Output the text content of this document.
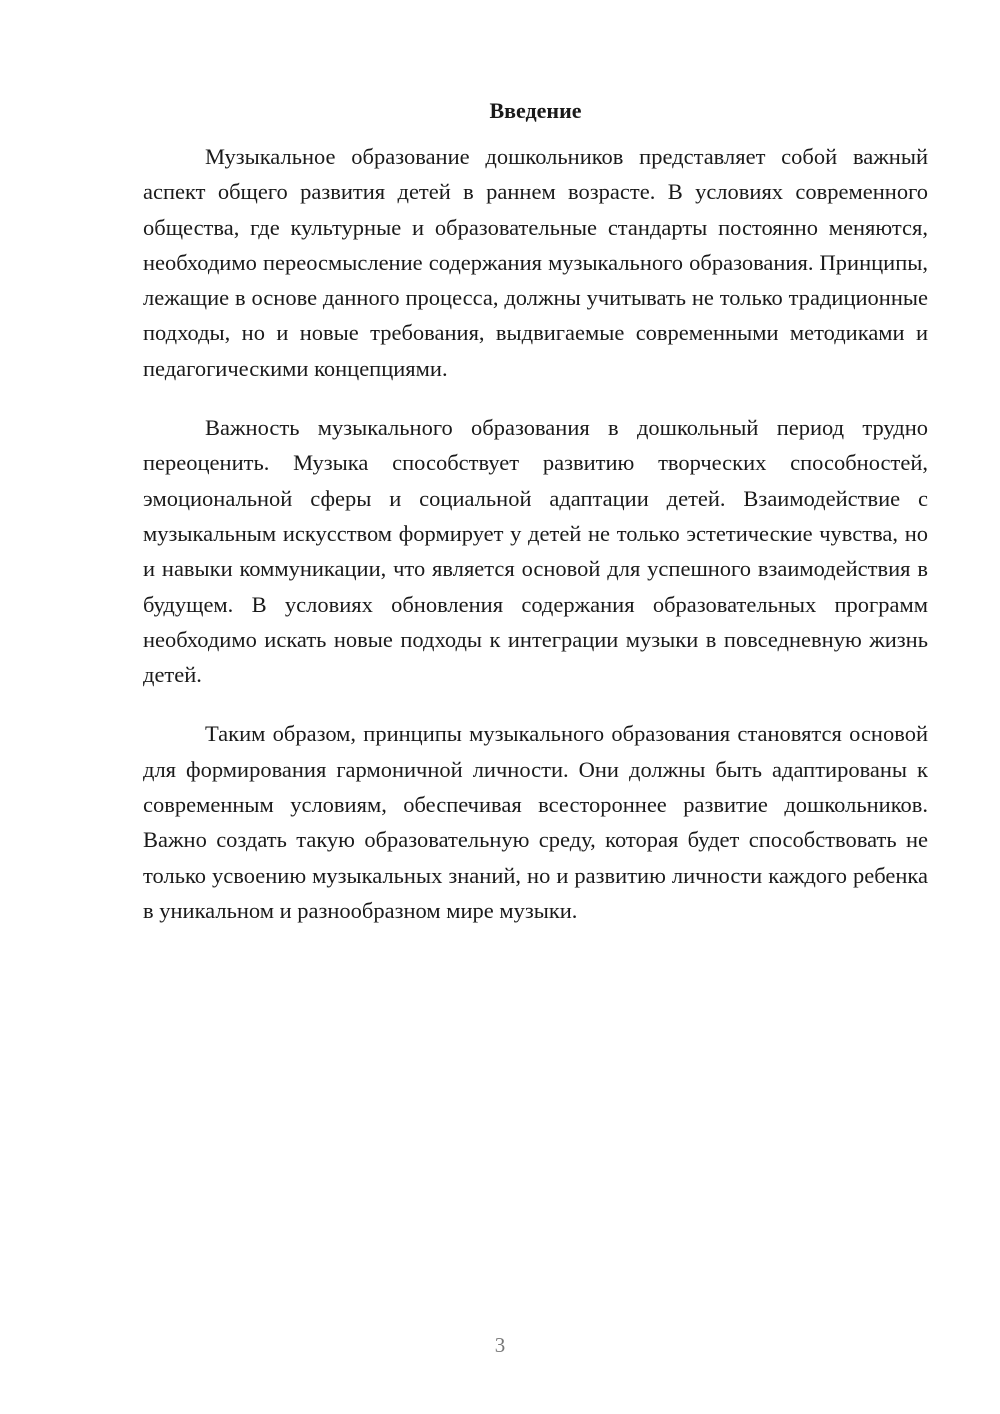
Введение

Музыкальное образование дошкольников представляет собой важный аспект общего развития детей в раннем возрасте. В условиях современного общества, где культурные и образовательные стандарты постоянно меняются, необходимо переосмысление содержания музыкального образования. Принципы, лежащие в основе данного процесса, должны учитывать не только традиционные подходы, но и новые требования, выдвигаемые современными методиками и педагогическими концепциями.

Важность музыкального образования в дошкольный период трудно переоценить. Музыка способствует развитию творческих способностей, эмоциональной сферы и социальной адаптации детей. Взаимодействие с музыкальным искусством формирует у детей не только эстетические чувства, но и навыки коммуникации, что является основой для успешного взаимодействия в будущем. В условиях обновления содержания образовательных программ необходимо искать новые подходы к интеграции музыки в повседневную жизнь детей.

Таким образом, принципы музыкального образования становятся основой для формирования гармоничной личности. Они должны быть адаптированы к современным условиям, обеспечивая всестороннее развитие дошкольников. Важно создать такую образовательную среду, которая будет способствовать не только усвоению музыкальных знаний, но и развитию личности каждого ребенка в уникальном и разнообразном мире музыки.

3
